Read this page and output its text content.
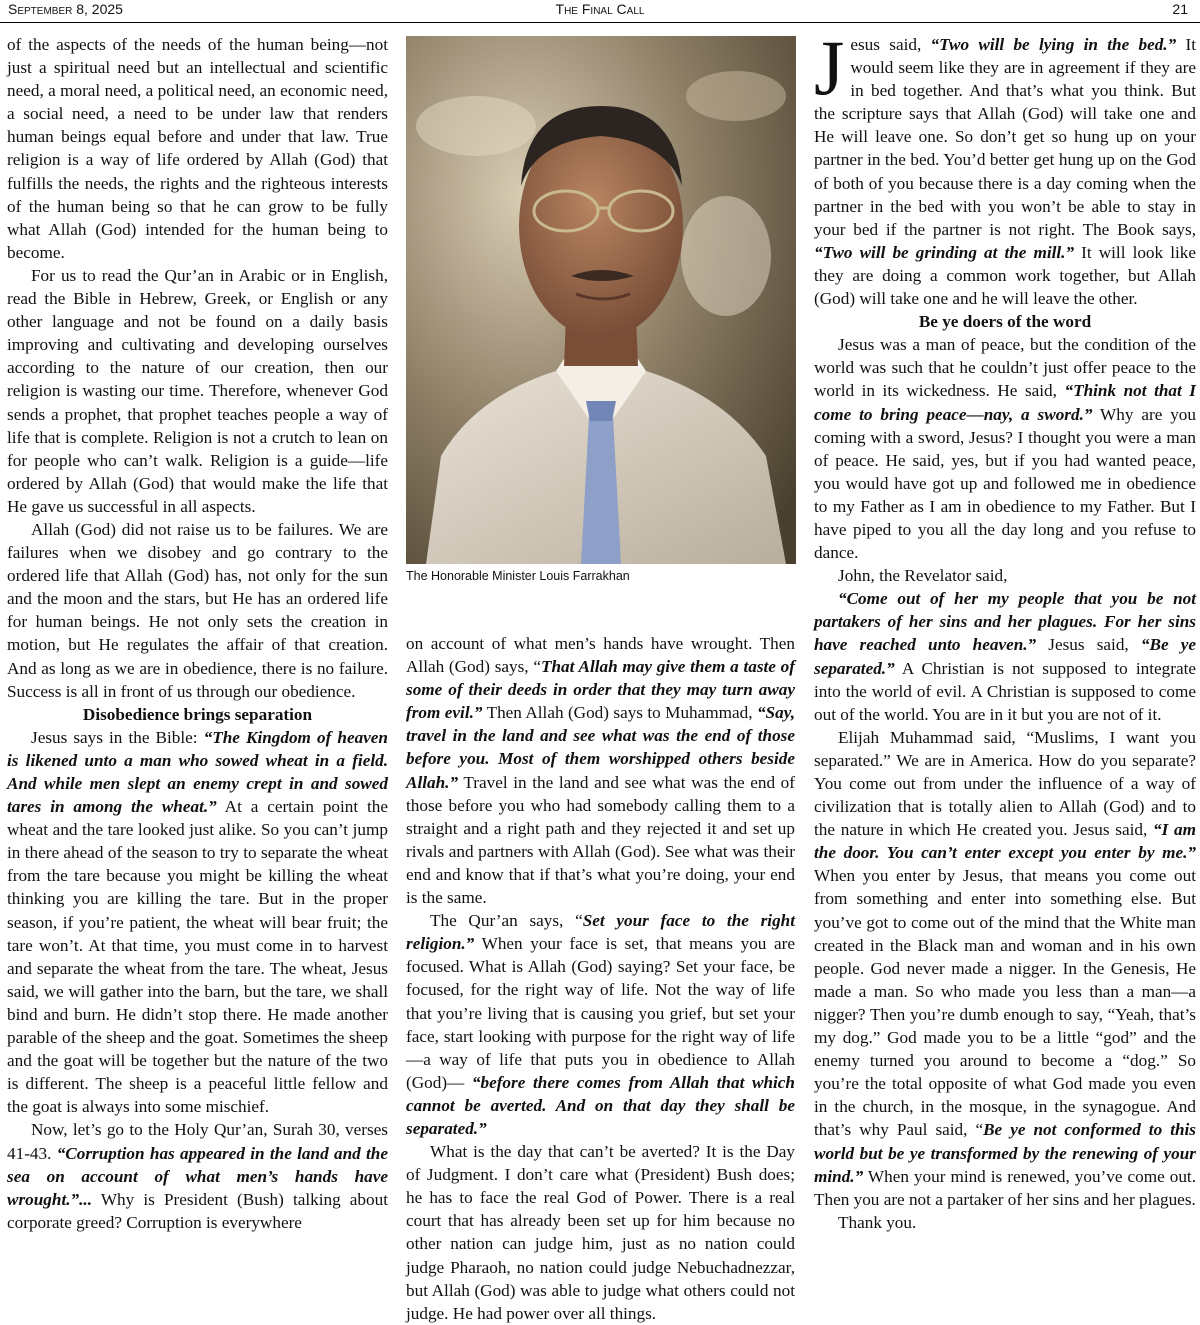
September 8, 2025	The Final Call	21

of the aspects of the needs of the human being—not just a spiritual need but an intellectual and scientific need, a moral need, a political need, an economic need, a social need, a need to be under law that renders human beings equal before and under that law. True religion is a way of life ordered by Allah (God) that fulfills the needs, the rights and the righteous interests of the human being so that he can grow to be fully what Allah (God) intended for the human being to become.

For us to read the Qur’an in Arabic or in English, read the Bible in Hebrew, Greek, or English or any other language and not be found on a daily basis improving and cultivating and developing ourselves according to the nature of our creation, then our religion is wasting our time. Therefore, whenever God sends a prophet, that prophet teaches people a way of life that is complete. Religion is not a crutch to lean on for people who can’t walk. Religion is a guide—life ordered by Allah (God) that would make the life that He gave us successful in all aspects.

Allah (God) did not raise us to be failures. We are failures when we disobey and go contrary to the ordered life that Allah (God) has, not only for the sun and the moon and the stars, but He has an ordered life for human beings. He not only sets the creation in motion, but He regulates the affair of that creation. And as long as we are in obedience, there is no failure. Success is all in front of us through our obedience.

Disobedience brings separation

Jesus says in the Bible: “The Kingdom of heaven is likened unto a man who sowed wheat in a field. And while men slept an enemy crept in and sowed tares in among the wheat.” At a certain point the wheat and the tare looked just alike. So you can’t jump in there ahead of the season to try to separate the wheat from the tare because you might be killing the wheat thinking you are killing the tare. But in the proper season, if you’re patient, the wheat will bear fruit; the tare won’t. At that time, you must come in to harvest and separate the wheat from the tare. The wheat, Jesus said, we will gather into the barn, but the tare, we shall bind and burn. He didn’t stop there. He made another parable of the sheep and the goat. Sometimes the sheep and the goat will be together but the nature of the two is different. The sheep is a peaceful little fellow and the goat is always into some mischief.

Now, let’s go to the Holy Qur’an, Surah 30, verses 41-43. “Corruption has appeared in the land and the sea on account of what men’s hands have wrought.”... Why is President (Bush) talking about corporate greed? Corruption is everywhere

The Honorable Minister Louis Farrakhan

on account of what men’s hands have wrought. Then Allah (God) says, “That Allah may give them a taste of some of their deeds in order that they may turn away from evil.” Then Allah (God) says to Muhammad, “Say, travel in the land and see what was the end of those before you. Most of them worshipped others beside Allah.” Travel in the land and see what was the end of those before you who had somebody calling them to a straight and a right path and they rejected it and set up rivals and partners with Allah (God). See what was their end and know that if that’s what you’re doing, your end is the same.

The Qur’an says, “Set your face to the right religion.” When your face is set, that means you are focused. What is Allah (God) saying? Set your face, be focused, for the right way of life. Not the way of life that you’re living that is causing you grief, but set your face, start looking with purpose for the right way of life—a way of life that puts you in obedience to Allah (God)— “before there comes from Allah that which cannot be averted. And on that day they shall be separated.”

What is the day that can’t be averted? It is the Day of Judgment. I don’t care what (President) Bush does; he has to face the real God of Power. There is a real court that has already been set up for him because no other nation can judge him, just as no nation could judge Pharaoh, no nation could judge Nebuchadnezzar, but Allah (God) was able to judge what others could not judge. He had power over all things.

Jesus said, “Two will be lying in the bed.” It would seem like they are in agreement if they are in bed together. And that’s what you think. But the scripture says that Allah (God) will take one and He will leave one. So don’t get so hung up on your partner in the bed. You’d better get hung up on the God of both of you because there is a day coming when the partner in the bed with you won’t be able to stay in your bed if the partner is not right. The Book says, “Two will be grinding at the mill.” It will look like they are doing a common work together, but Allah (God) will take one and he will leave the other.

Be ye doers of the word

Jesus was a man of peace, but the condition of the world was such that he couldn’t just offer peace to the world in its wickedness. He said, “Think not that I come to bring peace—nay, a sword.” Why are you coming with a sword, Jesus? I thought you were a man of peace. He said, yes, but if you had wanted peace, you would have got up and followed me in obedience to my Father as I am in obedience to my Father. But I have piped to you all the day long and you refuse to dance.

John, the Revelator said,

“Come out of her my people that you be not partakers of her sins and her plagues. For her sins have reached unto heaven.” Jesus said, “Be ye separated.” A Christian is not supposed to integrate into the world of evil. A Christian is supposed to come out of the world. You are in it but you are not of it.

Elijah Muhammad said, “Muslims, I want you separated.” We are in America. How do you separate? You come out from under the influence of a way of civilization that is totally alien to Allah (God) and to the nature in which He created you. Jesus said, “I am the door. You can’t enter except you enter by me.” When you enter by Jesus, that means you come out from something and enter into something else. But you’ve got to come out of the mind that the White man created in the Black man and woman and in his own people. God never made a nigger. In the Genesis, He made a man. So who made you less than a man—a nigger? Then you’re dumb enough to say, “Yeah, that’s my dog.” God made you to be a little “god” and the enemy turned you around to become a “dog.” So you’re the total opposite of what God made you even in the church, in the mosque, in the synagogue. And that’s why Paul said, “Be ye not conformed to this world but be ye transformed by the renewing of your mind.” When your mind is renewed, you’ve come out. Then you are not a partaker of her sins and her plagues.

Thank you.
